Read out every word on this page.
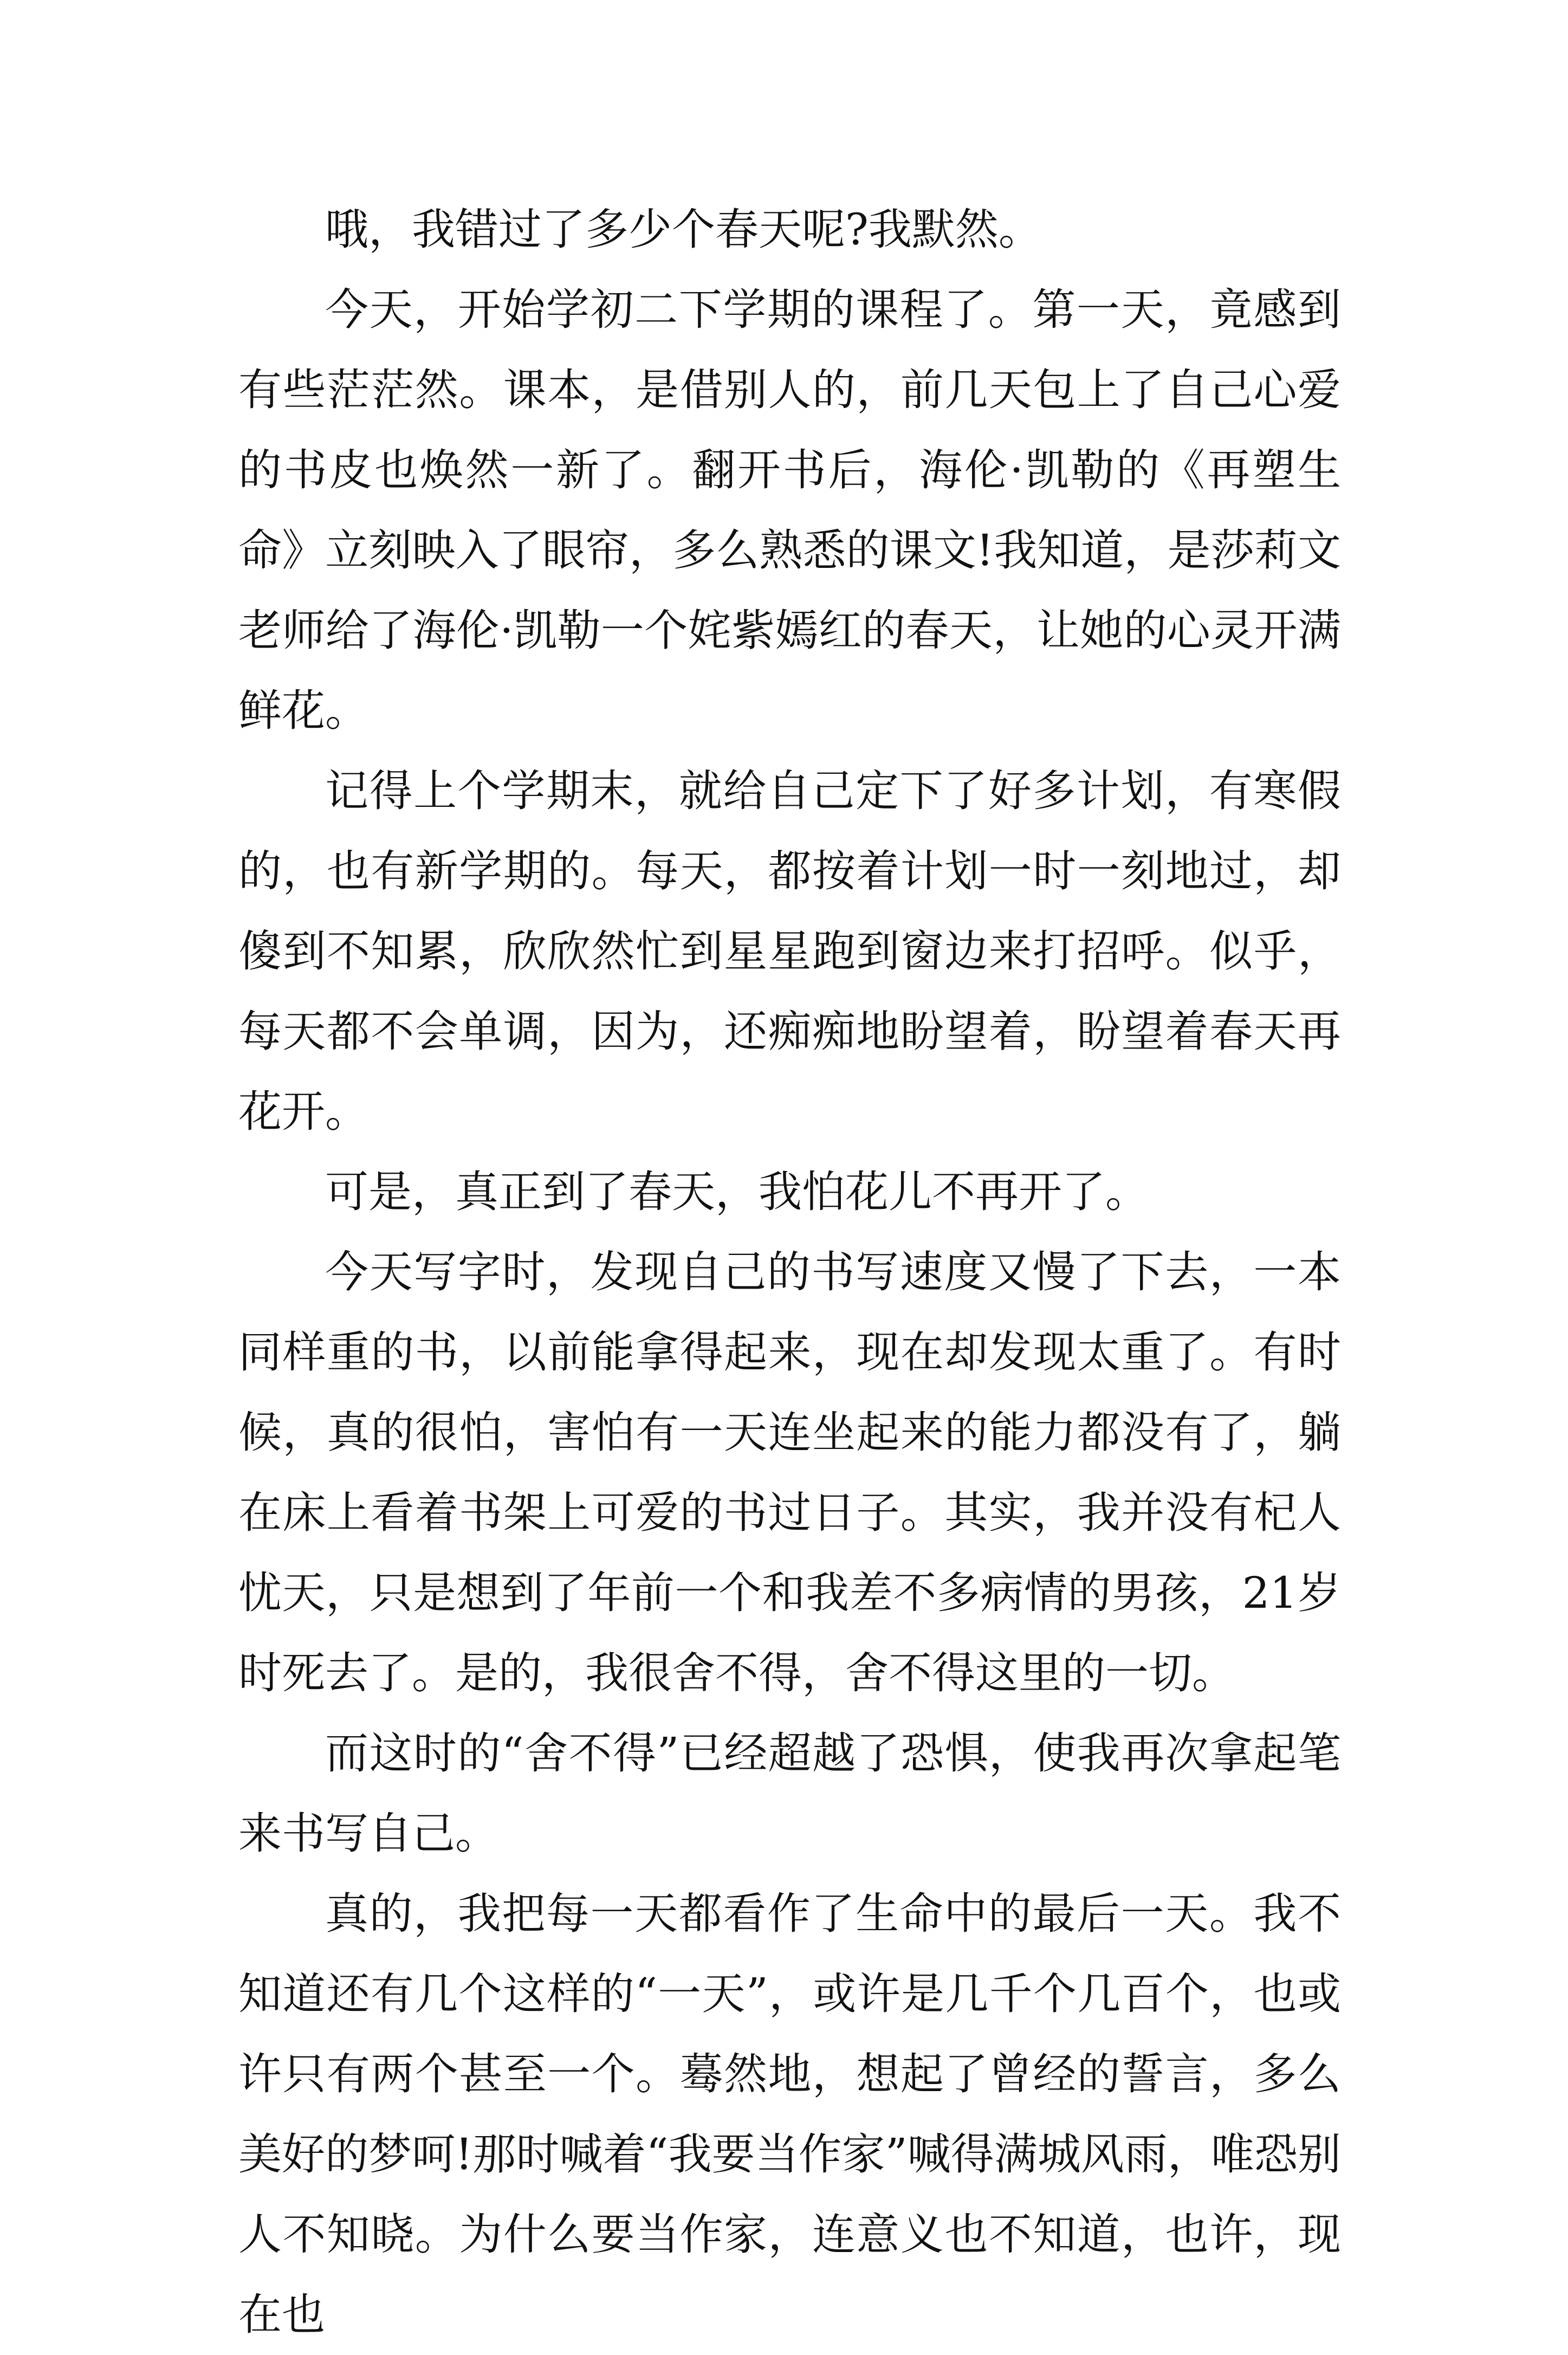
哦，我错过了多少个春天呢?我默然。

今天，开始学初二下学期的课程了。第一天，竟感到有些茫茫然。课本，是借别人的，前几天包上了自己心爱的书皮也焕然一新了。翻开书后，海伦·凯勒的《再塑生命》立刻映入了眼帘，多么熟悉的课文!我知道，是莎莉文老师给了海伦·凯勒一个姹紫嫣红的春天，让她的心灵开满鲜花。

记得上个学期末，就给自己定下了好多计划，有寒假的，也有新学期的。每天，都按着计划一时一刻地过，却傻到不知累，欣欣然忙到星星跑到窗边来打招呼。似乎，每天都不会单调，因为，还痴痴地盼望着，盼望着春天再花开。

可是，真正到了春天，我怕花儿不再开了。

今天写字时，发现自己的书写速度又慢了下去，一本同样重的书，以前能拿得起来，现在却发现太重了。有时候，真的很怕，害怕有一天连坐起来的能力都没有了，躺在床上看着书架上可爱的书过日子。其实，我并没有杞人忧天，只是想到了年前一个和我差不多病情的男孩，21岁时死去了。是的，我很舍不得，舍不得这里的一切。

而这时的“舍不得”已经超越了恐惧，使我再次拿起笔来书写自己。

真的，我把每一天都看作了生命中的最后一天。我不知道还有几个这样的“一天”，或许是几千个几百个，也或许只有两个甚至一个。蓦然地，想起了曾经的誓言，多么美好的梦呵!那时喊着“我要当作家”喊得满城风雨，唯恐别人不知晓。为什么要当作家，连意义也不知道，也许，现在也
